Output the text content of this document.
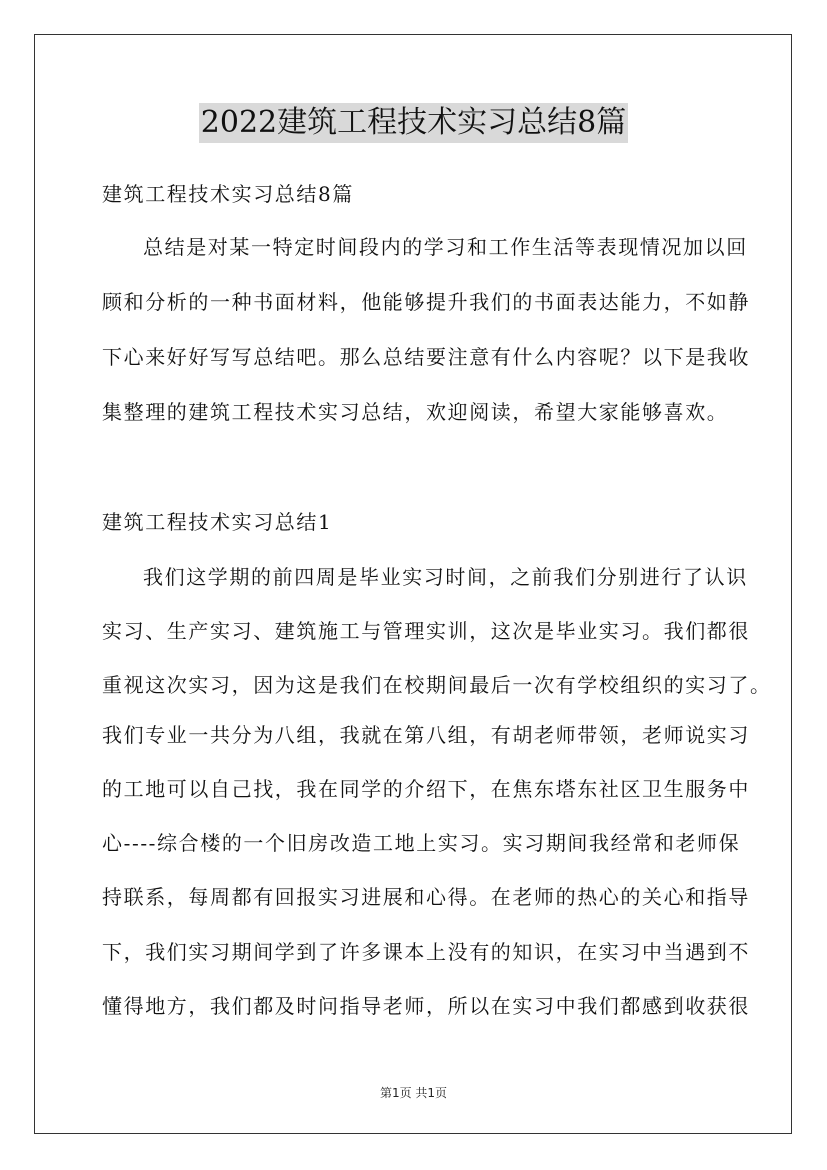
2022建筑工程技术实习总结8篇
建筑工程技术实习总结8篇
总结是对某一特定时间段内的学习和工作生活等表现情况加以回
顾和分析的一种书面材料，他能够提升我们的书面表达能力，不如静
下心来好好写写总结吧。那么总结要注意有什么内容呢？以下是我收
集整理的建筑工程技术实习总结，欢迎阅读，希望大家能够喜欢。
建筑工程技术实习总结1
我们这学期的前四周是毕业实习时间，之前我们分别进行了认识
实习、生产实习、建筑施工与管理实训，这次是毕业实习。我们都很
重视这次实习，因为这是我们在校期间最后一次有学校组织的实习了。
我们专业一共分为八组，我就在第八组，有胡老师带领，老师说实习
的工地可以自己找，我在同学的介绍下，在焦东塔东社区卫生服务中
心----综合楼的一个旧房改造工地上实习。实习期间我经常和老师保
持联系，每周都有回报实习进展和心得。在老师的热心的关心和指导
下，我们实习期间学到了许多课本上没有的知识，在实习中当遇到不
懂得地方，我们都及时问指导老师，所以在实习中我们都感到收获很
第1页 共1页
